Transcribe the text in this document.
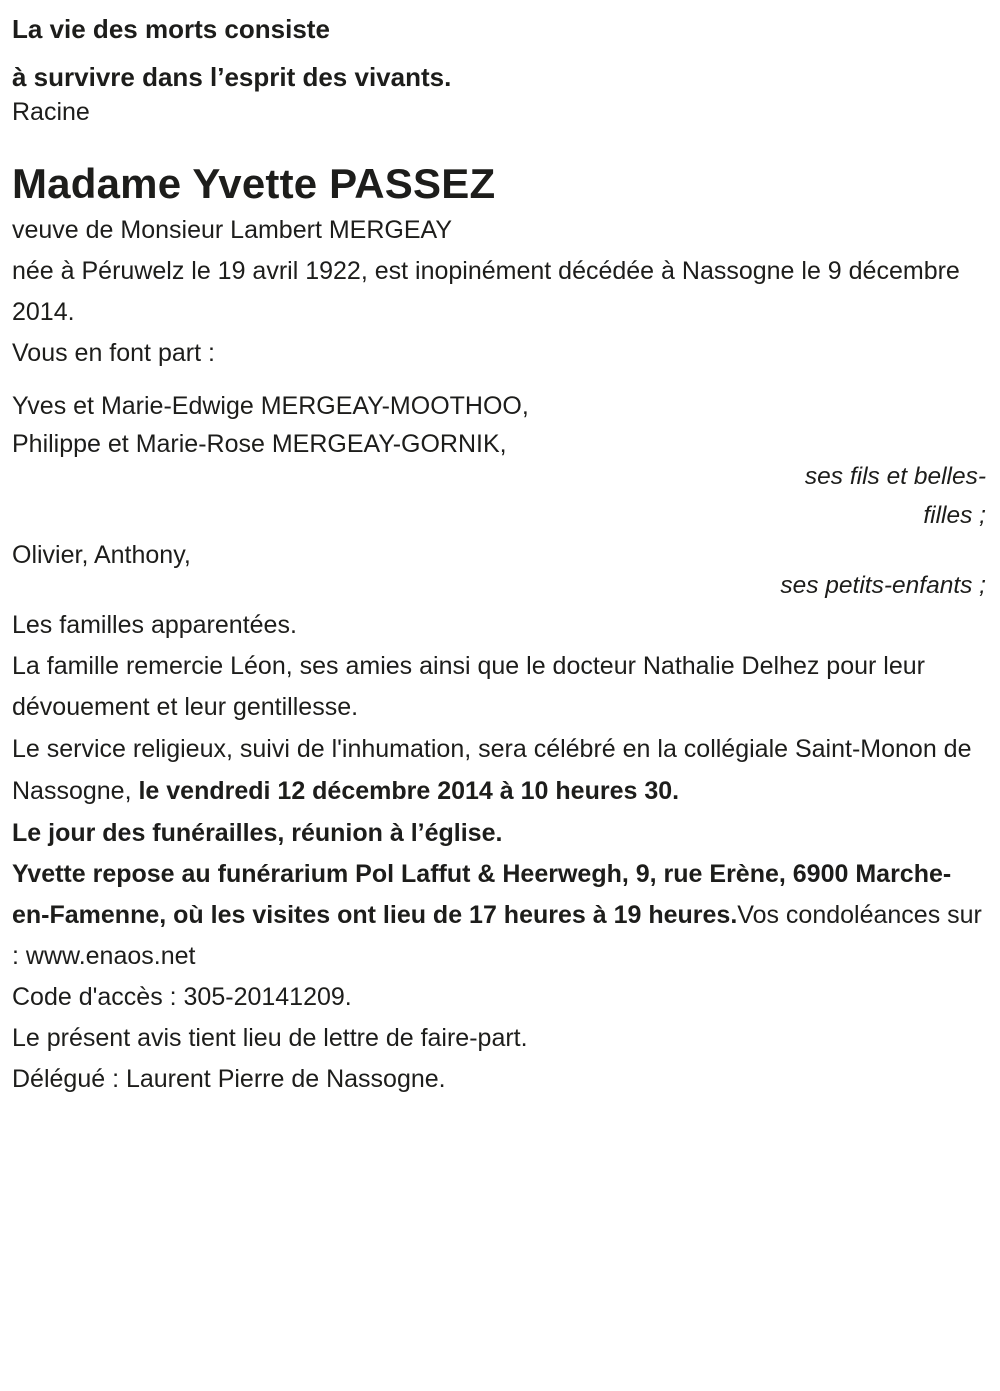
La vie des morts consiste

à survivre dans l’esprit des vivants.

Racine

Madame Yvette PASSEZ

veuve de Monsieur Lambert MERGEAY

née à Péruwelz le 19 avril 1922, est inopinément décédée à Nassogne le 9 décembre 2014.

Vous en font part :

Yves et Marie-Edwige MERGEAY-MOOTHOO,

Philippe et Marie-Rose MERGEAY-GORNIK,

ses fils et belles-filles ;

Olivier, Anthony,

ses petits-enfants ;

Les familles apparentées.

La famille remercie Léon, ses amies ainsi que le docteur Nathalie Delhez pour leur dévouement et leur gentillesse.

Le service religieux, suivi de l'inhumation, sera célébré en la collégiale Saint-Monon de Nassogne, le vendredi 12 décembre 2014 à 10 heures 30.

Le jour des funérailles, réunion à l’église.

Yvette repose au funérarium Pol Laffut & Heerwegh, 9, rue Erène, 6900 Marche-en-Famenne, où les visites ont lieu de 17 heures à 19 heures.Vos condoléances sur : www.enaos.net

Code d'accès : 305-20141209.

Le présent avis tient lieu de lettre de faire-part.

Délégué : Laurent Pierre de Nassogne.
